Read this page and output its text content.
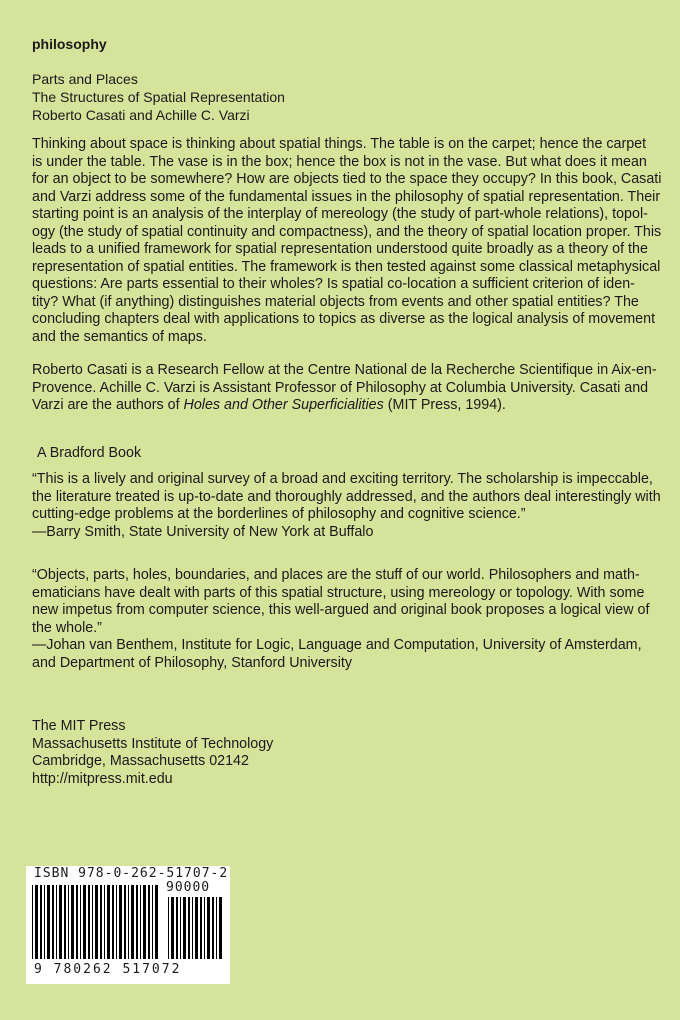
philosophy
Parts and Places
The Structures of Spatial Representation
Roberto Casati and Achille C. Varzi
Thinking about space is thinking about spatial things. The table is on the carpet; hence the carpet
is under the table. The vase is in the box; hence the box is not in the vase. But what does it mean
for an object to be somewhere? How are objects tied to the space they occupy? In this book, Casati
and Varzi address some of the fundamental issues in the philosophy of spatial representation. Their
starting point is an analysis of the interplay of mereology (the study of part-whole relations), topol-
ogy (the study of spatial continuity and compactness), and the theory of spatial location proper. This
leads to a unified framework for spatial representation understood quite broadly as a theory of the
representation of spatial entities. The framework is then tested against some classical metaphysical
questions: Are parts essential to their wholes? Is spatial co-location a sufficient criterion of iden-
tity? What (if anything) distinguishes material objects from events and other spatial entities? The
concluding chapters deal with applications to topics as diverse as the logical analysis of movement
and the semantics of maps.
Roberto Casati is a Research Fellow at the Centre National de la Recherche Scientifique in Aix-en-
Provence. Achille C. Varzi is Assistant Professor of Philosophy at Columbia University. Casati and
Varzi are the authors of Holes and Other Superficialities (MIT Press, 1994).
A Bradford Book
“This is a lively and original survey of a broad and exciting territory. The scholarship is impeccable,
the literature treated is up-to-date and thoroughly addressed, and the authors deal interestingly with
cutting-edge problems at the borderlines of philosophy and cognitive science.”
—Barry Smith, State University of New York at Buffalo
“Objects, parts, holes, boundaries, and places are the stuff of our world. Philosophers and math-
ematicians have dealt with parts of this spatial structure, using mereology or topology. With some
new impetus from computer science, this well-argued and original book proposes a logical view of
the whole.”
—Johan van Benthem, Institute for Logic, Language and Computation, University of Amsterdam,
and Department of Philosophy, Stanford University
The MIT Press
Massachusetts Institute of Technology
Cambridge, Massachusetts 02142
http://mitpress.mit.edu
ISBN 978-0-262-51707-2
90000
9 780262 517072
